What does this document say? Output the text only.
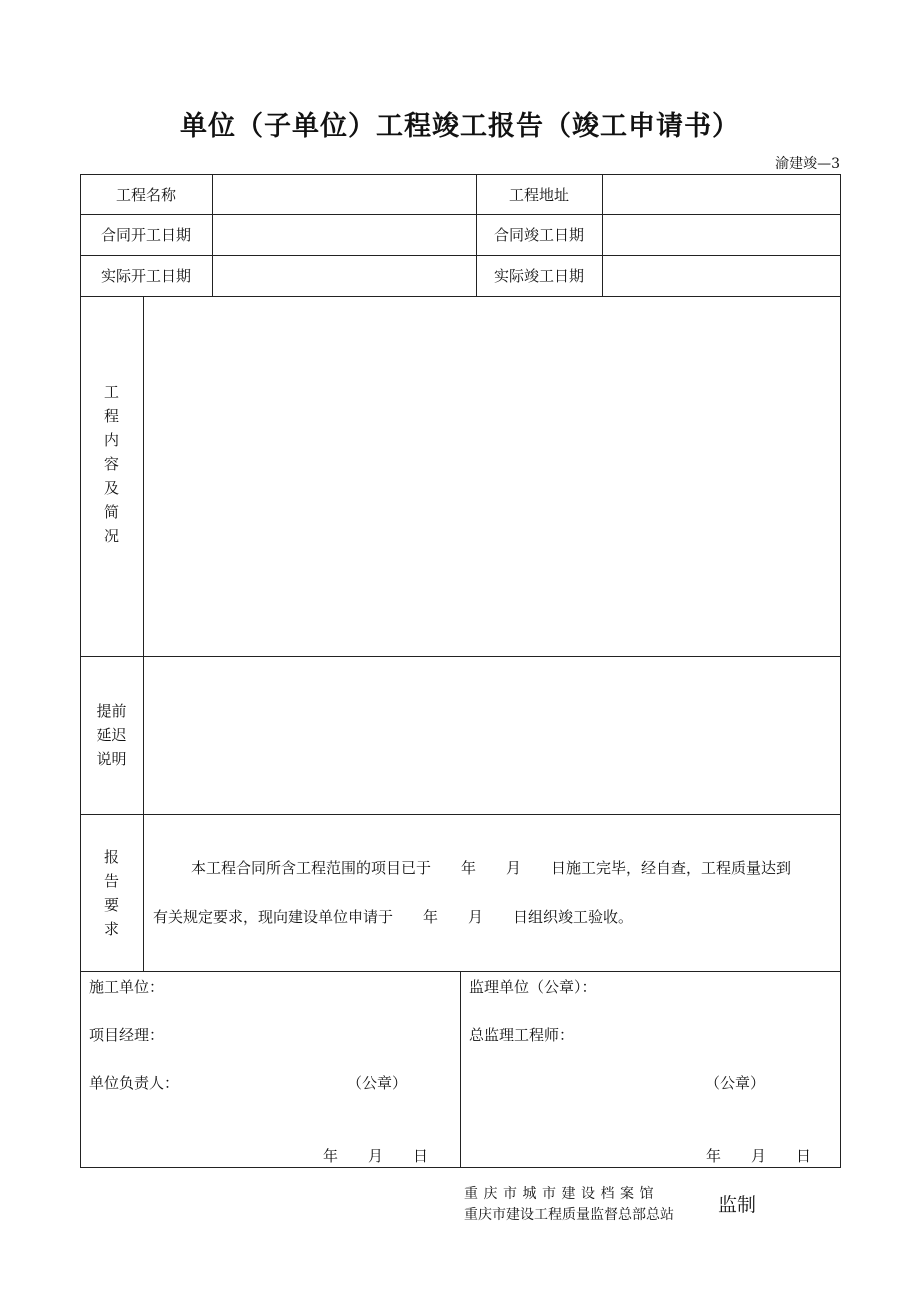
单位（子单位）工程竣工报告（竣工申请书）
渝建竣—3
工程名称	工程地址
合同开工日期	合同竣工日期
实际开工日期	实际竣工日期
工
程
内
容
及
简
况
提前
延迟
说明
报
告
要
求
本工程合同所含工程范围的项目已于　　年　　月　　日施工完毕，经自查，工程质量达到
有关规定要求，现向建设单位申请于　　年　　月　　日组织竣工验收。
施工单位：
项目经理：
单位负责人：	（公章）
年　　月　　日
监理单位（公章）：
总监理工程师：
（公章）
年　　月　　日
重庆市城市建设档案馆
重庆市建设工程质量监督总部总站 监制
